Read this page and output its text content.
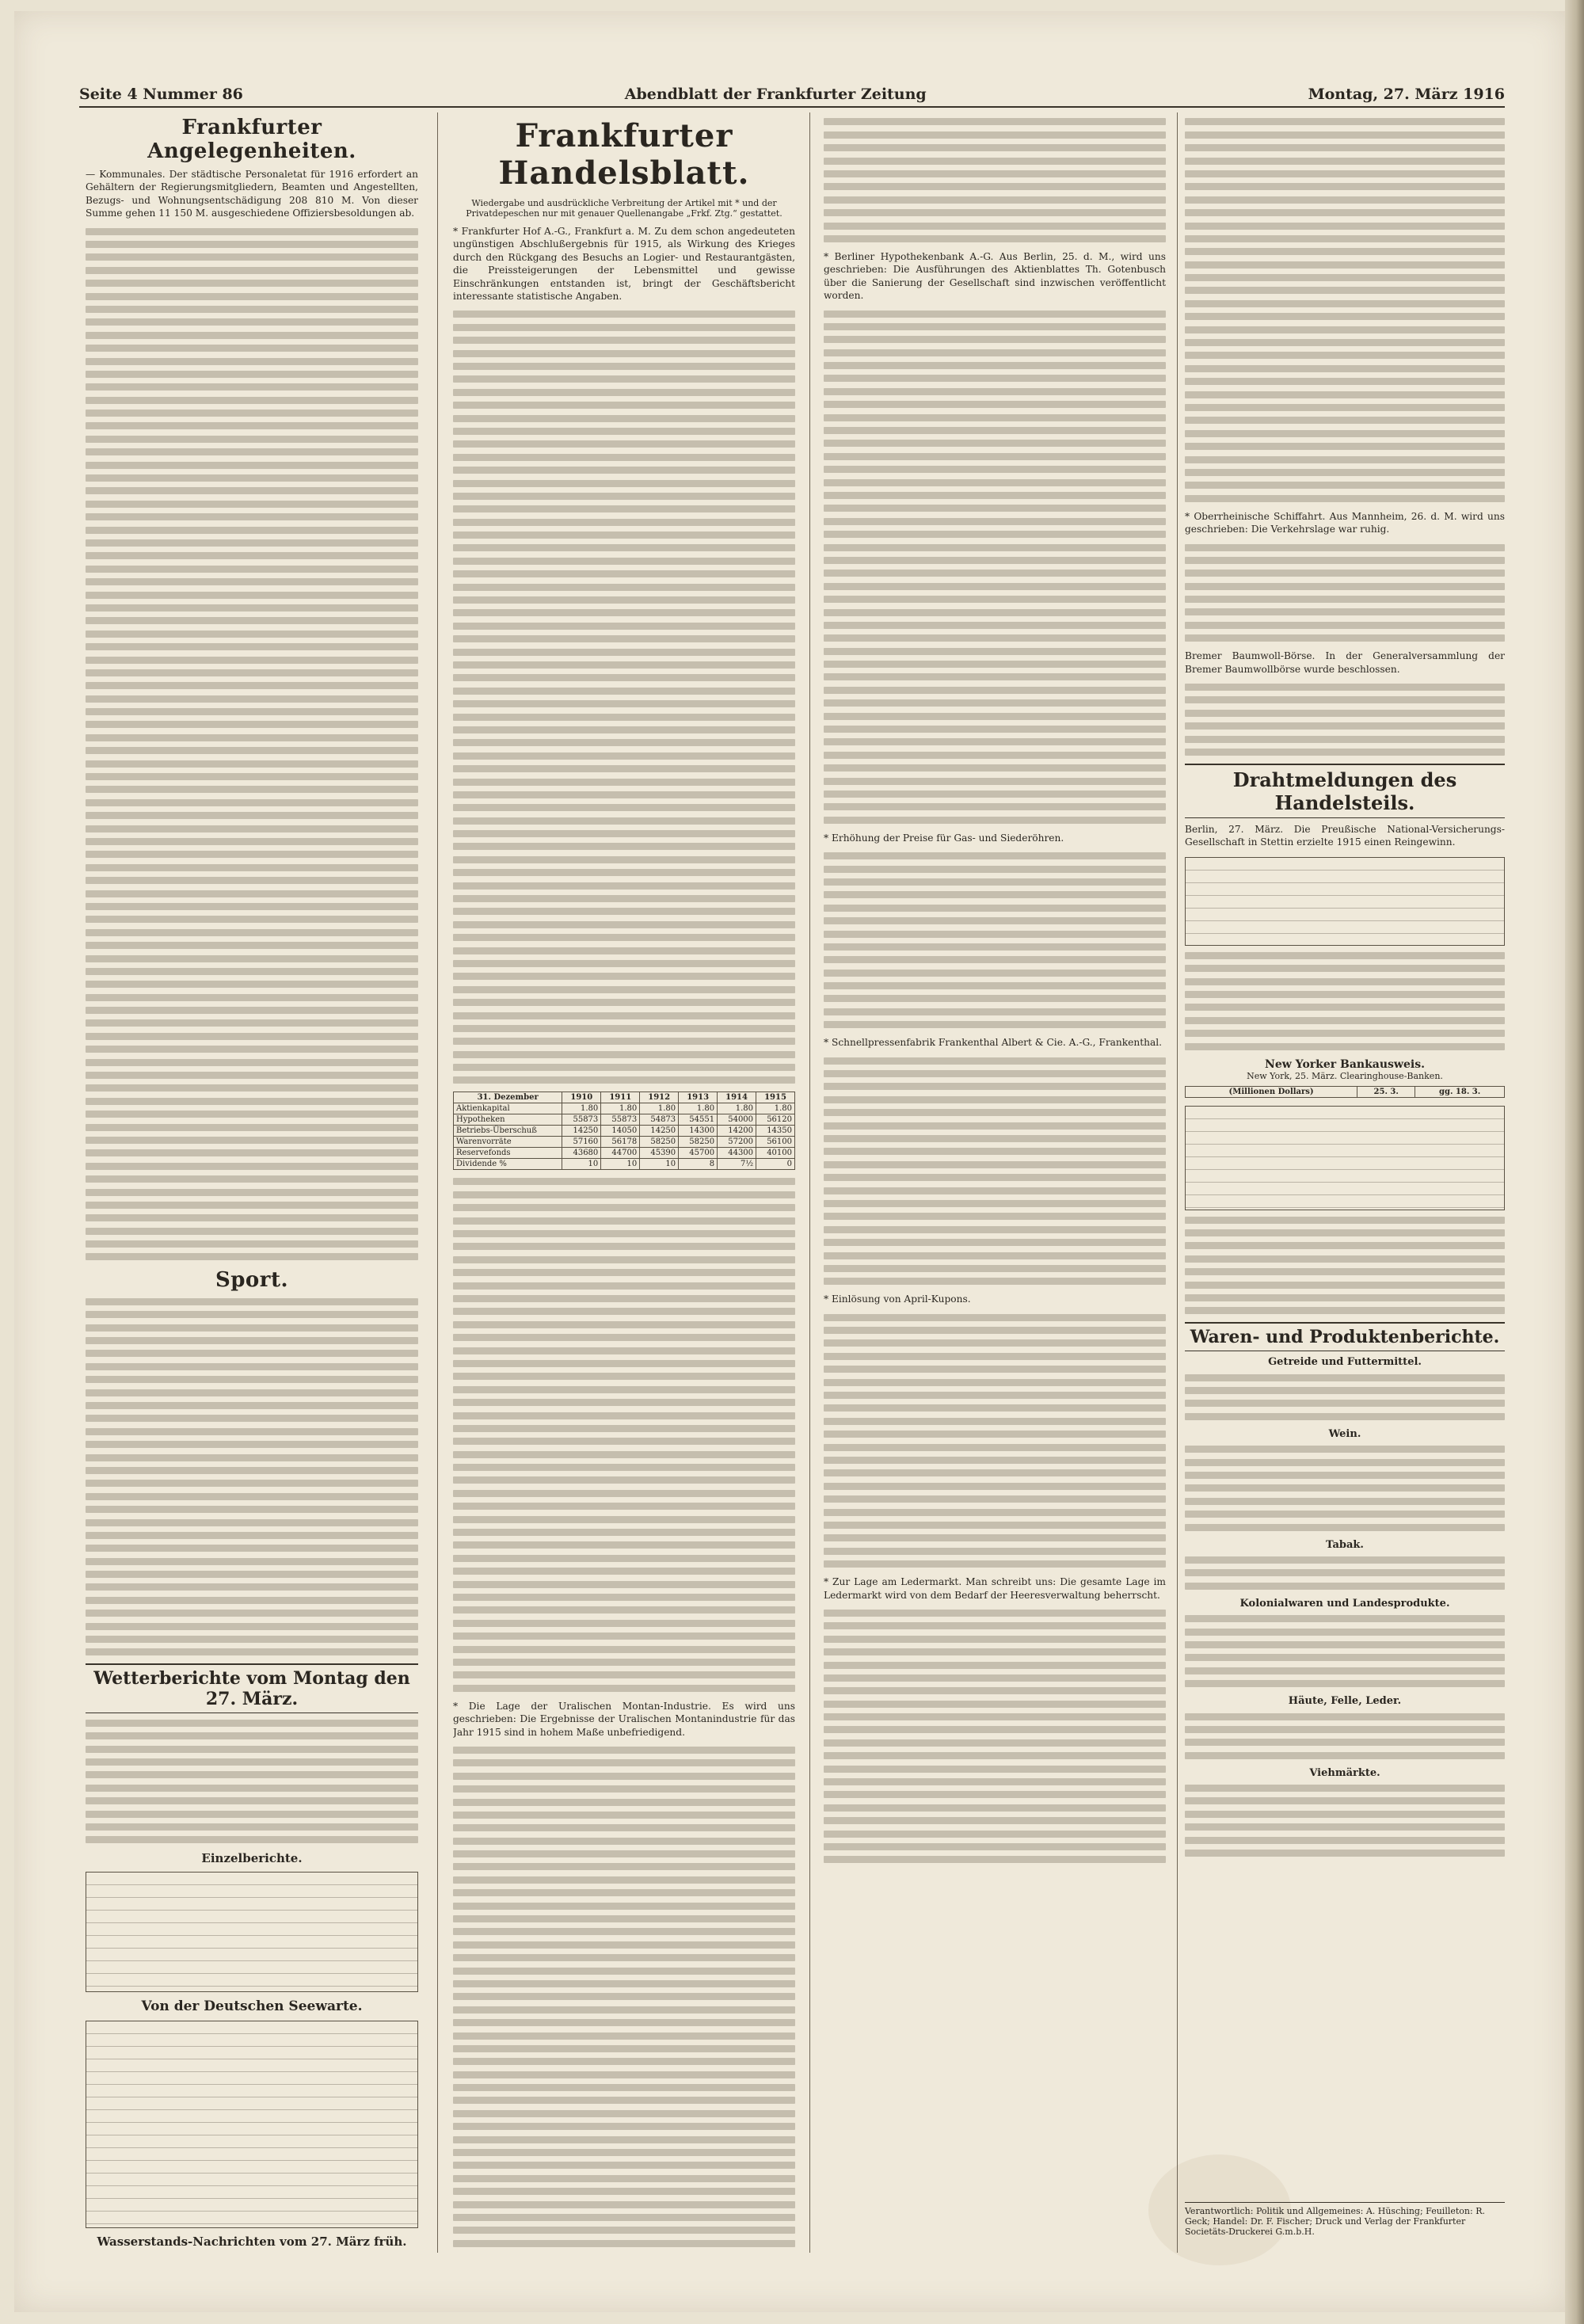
Seite 4 Nummer 86	Abendblatt der Frankfurter Zeitung	Montag, 27. März 1916
Frankfurter Angelegenheiten.

— Kommunales. Der städtische Personaletat für 1916 erfordert an Gehältern der Regierungsmitgliedern, Beamten und Angestellten, Bezugs- und Wohnungsentschädigung 208 810 M. Von dieser Summe gehen 11 150 M. ausgeschiedene Offiziersbesoldungen ab.

Sport.
Wetterberichte vom Montag den 27. März.
Einzelberichte.
Von der Deutschen Seewarte.
Wasserstands-Nachrichten vom 27. März früh.
Frankfurter Handelsblatt.
Wiedergabe und ausdrückliche Verbreitung der Artikel mit * und der Privatdepeschen nur mit genauer Quellenangabe „Frkf. Ztg.“ gestattet.

* Frankfurter Hof A.-G., Frankfurt a. M. Zu dem schon angedeuteten ungünstigen Abschlußergebnis für 1915, als Wirkung des Krieges durch den Rückgang des Besuchs an Logier- und Restaurantgästen, die Preissteigerungen der Lebensmittel und gewisse Einschränkungen entstanden ist, bringt der Geschäftsbericht interessante statistische Angaben.

31. Dezember	1910	1911	1912	1913	1914	1915
Aktienkapital	1.80	1.80	1.80	1.80	1.80	1.80
Hypotheken	55873	55873	54873	54551	54000	56120
Betriebs-Überschuß	14250	14050	14250	14300	14200	14350
Warenvorräte	57160	56178	58250	58250	57200	56100
Reservefonds	43680	44700	45390	45700	44300	40100
Dividende %	10	10	10	8	7½	0

* Die Lage der Uralischen Montan-Industrie. Es wird uns geschrieben: Die Ergebnisse der Uralischen Montanindustrie für das Jahr 1915 sind in hohem Maße unbefriedigend.

* Berliner Hypothekenbank A.-G. Aus Berlin, 25. d. M., wird uns geschrieben: Die Ausführungen des Aktienblattes Th. Gotenbusch über die Sanierung der Gesellschaft sind inzwischen veröffentlicht worden.

* Erhöhung der Preise für Gas- und Siederöhren.

* Schnellpressenfabrik Frankenthal Albert & Cie. A.-G., Frankenthal.

* Einlösung von April-Kupons.

* Zur Lage am Ledermarkt. Man schreibt uns: Die gesamte Lage im Ledermarkt wird von dem Bedarf der Heeresverwaltung beherrscht.

* Oberrheinische Schiffahrt. Aus Mannheim, 26. d. M. wird uns geschrieben: Die Verkehrslage war ruhig.

Bremer Baumwoll-Börse. In der Generalversammlung der Bremer Baumwollbörse wurde beschlossen.

Drahtmeldungen des Handelsteils.

Berlin, 27. März. Die Preußische National-Versicherungs-Gesellschaft in Stettin erzielte 1915 einen Reingewinn.

New Yorker Bankausweis.
New York, 25. März. Clearinghouse-Banken.
(Millionen Dollars)	25. 3.	gg. 18. 3.
Waren- und Produktenberichte.
Getreide und Futtermittel.
Wein.
Tabak.
Kolonialwaren und Landesprodukte.
Häute, Felle, Leder.
Viehmärkte.
Verantwortlich: Politik und Allgemeines: A. Hüsching; Feuilleton: R. Geck; Handel: Dr. F. Fischer; Druck und Verlag der Frankfurter Societäts-Druckerei G.m.b.H.
